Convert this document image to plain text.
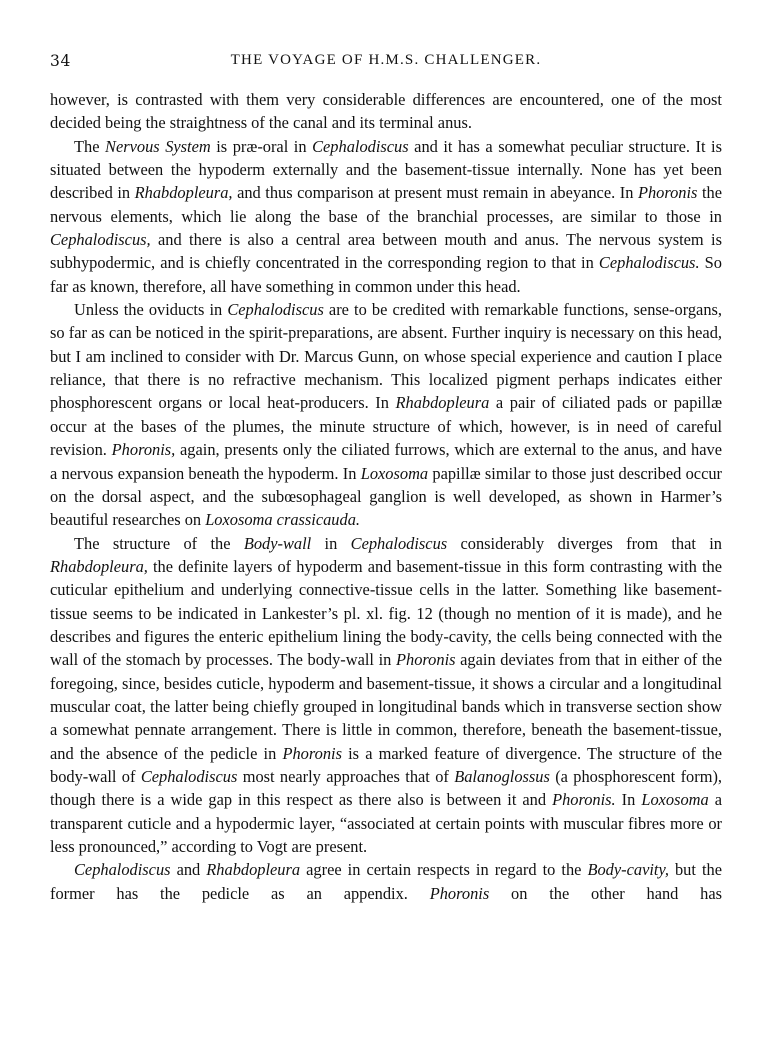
34	THE VOYAGE OF H.M.S. CHALLENGER.

however, is contrasted with them very considerable differences are encountered, one of the most decided being the straightness of the canal and its terminal anus.

The Nervous System is præ-oral in Cephalodiscus and it has a somewhat peculiar structure. It is situated between the hypoderm externally and the basement-tissue internally. None has yet been described in Rhabdopleura, and thus comparison at present must remain in abeyance. In Phoronis the nervous elements, which lie along the base of the branchial processes, are similar to those in Cephalodiscus, and there is also a central area between mouth and anus. The nervous system is subhypodermic, and is chiefly concentrated in the corresponding region to that in Cephalodiscus. So far as known, therefore, all have something in common under this head.

Unless the oviducts in Cephalodiscus are to be credited with remarkable functions, sense-organs, so far as can be noticed in the spirit-preparations, are absent. Further inquiry is necessary on this head, but I am inclined to consider with Dr. Marcus Gunn, on whose special experience and caution I place reliance, that there is no refractive mechanism. This localized pigment perhaps indicates either phosphorescent organs or local heat-producers. In Rhabdopleura a pair of ciliated pads or papillæ occur at the bases of the plumes, the minute structure of which, however, is in need of careful revision. Phoronis, again, presents only the ciliated furrows, which are external to the anus, and have a nervous expansion beneath the hypoderm. In Loxosoma papillæ similar to those just described occur on the dorsal aspect, and the subœsophageal ganglion is well developed, as shown in Harmer’s beautiful researches on Loxosoma crassicauda.

The structure of the Body-wall in Cephalodiscus considerably diverges from that in Rhabdopleura, the definite layers of hypoderm and basement-tissue in this form contrasting with the cuticular epithelium and underlying connective-tissue cells in the latter. Something like basement-tissue seems to be indicated in Lankester’s pl. xl. fig. 12 (though no mention of it is made), and he describes and figures the enteric epithelium lining the body-cavity, the cells being connected with the wall of the stomach by processes. The body-wall in Phoronis again deviates from that in either of the foregoing, since, besides cuticle, hypoderm and basement-tissue, it shows a circular and a longitudinal muscular coat, the latter being chiefly grouped in longitudinal bands which in transverse section show a somewhat pennate arrangement. There is little in common, therefore, beneath the basement-tissue, and the absence of the pedicle in Phoronis is a marked feature of divergence. The structure of the body-wall of Cephalodiscus most nearly approaches that of Balanoglossus (a phosphorescent form), though there is a wide gap in this respect as there also is between it and Phoronis. In Loxosoma a transparent cuticle and a hypodermic layer, “associated at certain points with muscular fibres more or less pronounced,” according to Vogt are present.

Cephalodiscus and Rhabdopleura agree in certain respects in regard to the Body-cavity, but the former has the pedicle as an appendix. Phoronis on the other hand has
